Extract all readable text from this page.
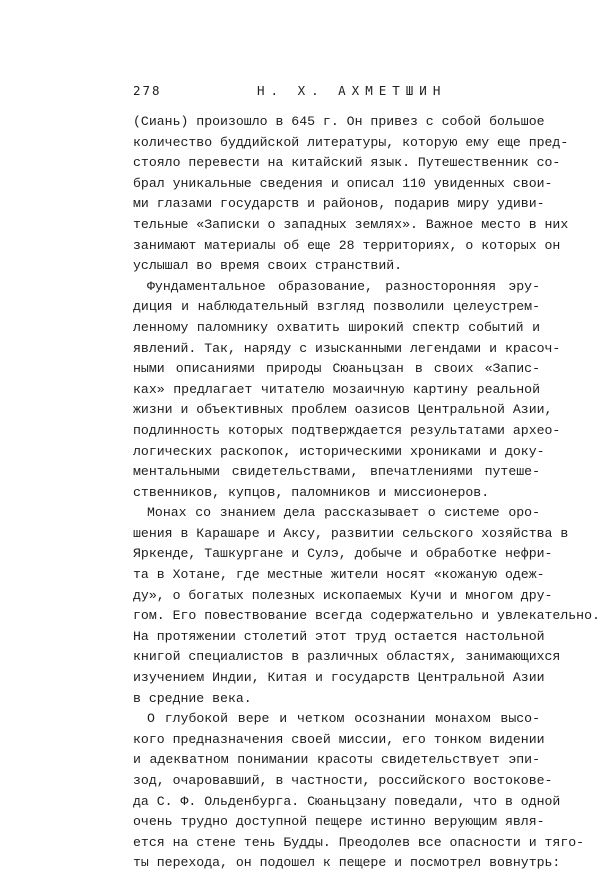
278	Н. Х. АХМЕТШИН
(Сиань) произошло в 645 г. Он привез с собой большое
количество буддийской литературы, которую ему еще пред-
стояло перевести на китайский язык. Путешественник со-
брал уникальные сведения и описал 110 увиденных свои-
ми глазами государств и районов, подарив миру удиви-
тельные «Записки о западных землях». Важное место в них
занимают материалы об еще 28 территориях, о которых он
услышал во время своих странствий.
Фундаментальное образование, разносторонняя эру-
диция и наблюдательный взгляд позволили целеустрем-
ленному паломнику охватить широкий спектр событий и
явлений. Так, наряду с изысканными легендами и красоч-
ными описаниями природы Сюаньцзан в своих «Запис-
ках» предлагает читателю мозаичную картину реальной
жизни и объективных проблем оазисов Центральной Азии,
подлинность которых подтверждается результатами архео-
логических раскопок, историческими хрониками и доку-
ментальными свидетельствами, впечатлениями путеше-
ственников, купцов, паломников и миссионеров.
Монах со знанием дела рассказывает о системе оро-
шения в Карашаре и Аксу, развитии сельского хозяйства в
Яркенде, Ташкургане и Сулэ, добыче и обработке нефри-
та в Хотане, где местные жители носят «кожаную одеж-
ду», о богатых полезных ископаемых Кучи и многом дру-
гом. Его повествование всегда содержательно и увлекательно.
На протяжении столетий этот труд остается настольной
книгой специалистов в различных областях, занимающихся
изучением Индии, Китая и государств Центральной Азии
в средние века.
О глубокой вере и четком осознании монахом высо-
кого предназначения своей миссии, его тонком видении
и адекватном понимании красоты свидетельствует эпи-
зод, очаровавший, в частности, российского востокове-
да С. Ф. Ольденбурга. Сюаньцзану поведали, что в одной
очень трудно доступной пещере истинно верующим явля-
ется на стене тень Будды. Преодолев все опасности и тяго-
ты перехода, он подошел к пещере и посмотрел вовнутрь:
